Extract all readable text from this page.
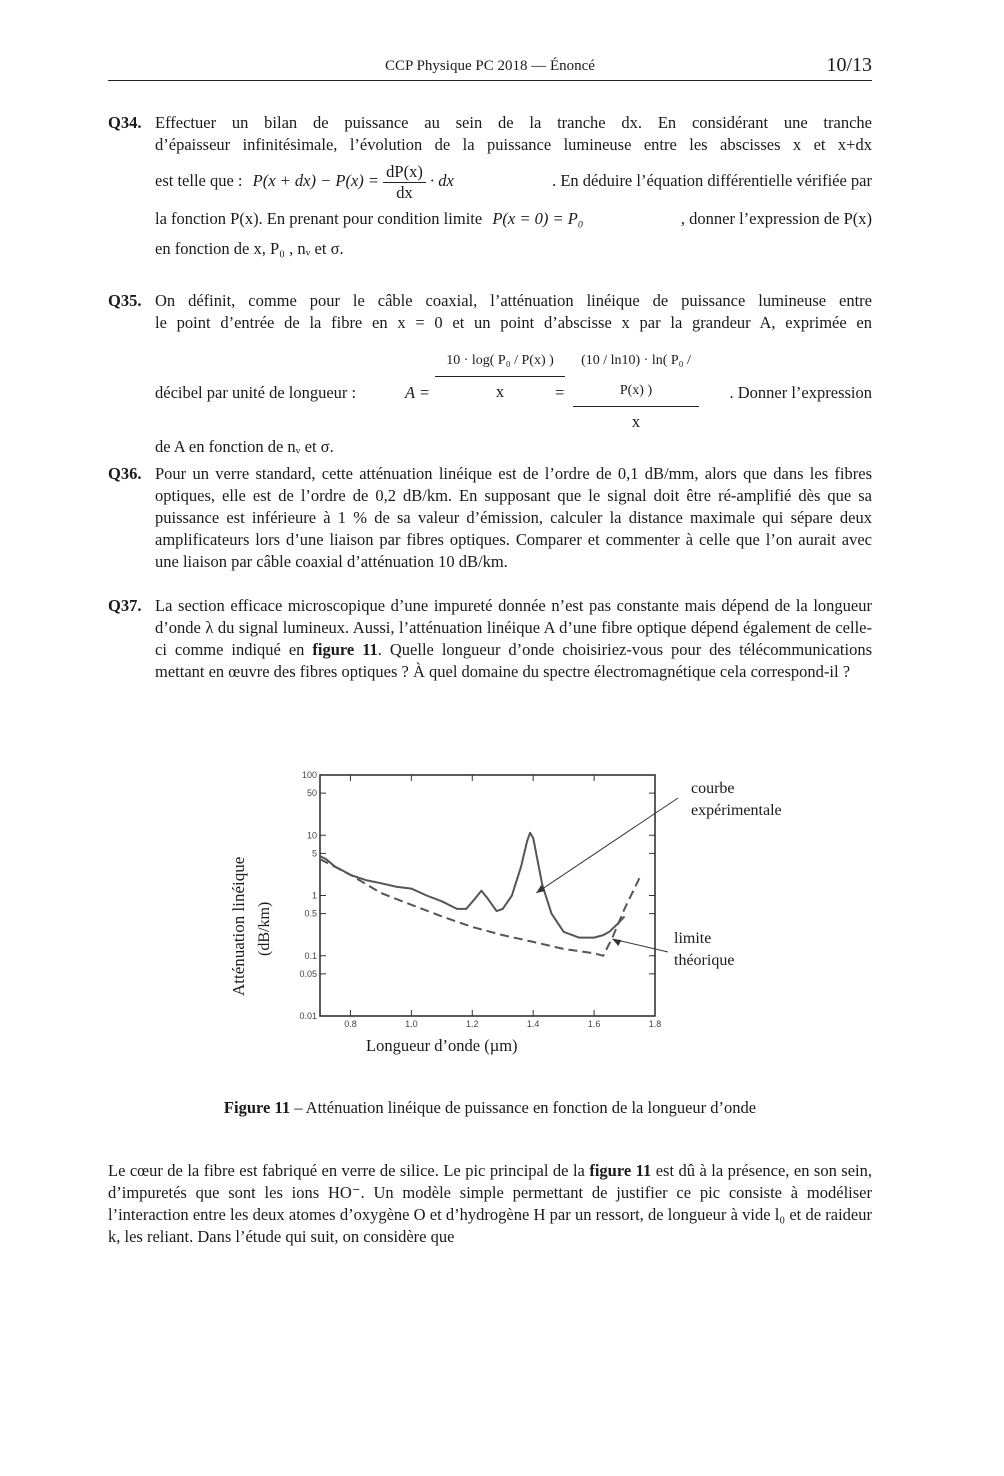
CCP Physique PC 2018 — Énoncé	10/13
Q34. Effectuer un bilan de puissance au sein de la tranche dx. En considérant une tranche

d’épaisseur infinitésimale, l’évolution de la puissance lumineuse entre les abscisses x et x+dx

est telle que : $P(x + dx) - P(x) = \frac{dP(x)}{dx}$ · dx	. En déduire l’équation différentielle vérifiée par

la fonction P(x). En prenant pour condition limite P(x = 0) = P₀	, donner l’expression de P(x)

en fonction de x, P₀ , nᵥ et σ.

Q35. On définit, comme pour le câble coaxial, l’atténuation linéique de puissance lumineuse entre

le point d’entrée de la fibre en x = 0 et un point d’abscisse x par la grandeur A, exprimée en

décibel par unité de longueur :	A =
10 · log( P₀ / P(x) )
x	=
(10 / ln10) · ln( P₀ / P(x) )
x
. Donner l’expression

de A en fonction de nᵥ et σ.

Q36. Pour un verre standard, cette atténuation linéique est de l’ordre de 0,1 dB/mm, alors que dans les fibres optiques, elle est de l’ordre de 0,2 dB/km. En supposant que le signal doit être ré-amplifié dès que sa puissance est inférieure à 1 % de sa valeur d’émission, calculer la distance maximale qui sépare deux amplificateurs lors d’une liaison par fibres optiques. Comparer et commenter à celle que l’on aurait avec une liaison par câble coaxial d’atténuation 10 dB/km.

Q37. La section efficace microscopique d’une impureté donnée n’est pas constante mais dépend de la longueur d’onde λ du signal lumineux. Aussi, l’atténuation linéique A d’une fibre optique dépend également de celle-ci comme indiqué en figure 11. Quelle longueur d’onde choisiriez-vous pour des télécommunications mettant en œuvre des fibres optiques ? À quel domaine du spectre électromagnétique cela correspond-il ?

100
50
10
5
1
0.5
0.1
0.05
0.01
0.8	1.0	1.2	1.4	1.6	1.8
Atténuation linéique (dB/km)
Longueur d’onde (µm)
courbe
expérimentale
limite
théorique
Figure 11 – Atténuation linéique de puissance en fonction de la longueur d’onde
Le cœur de la fibre est fabriqué en verre de silice. Le pic principal de la figure 11 est dû à la présence, en son sein, d’impuretés que sont les ions HO⁻. Un modèle simple permettant de justifier ce pic consiste à modéliser l’interaction entre les deux atomes d’oxygène O et d’hydrogène H par un ressort, de longueur à vide l₀ et de raideur k, les reliant. Dans l’étude qui suit, on considère que
